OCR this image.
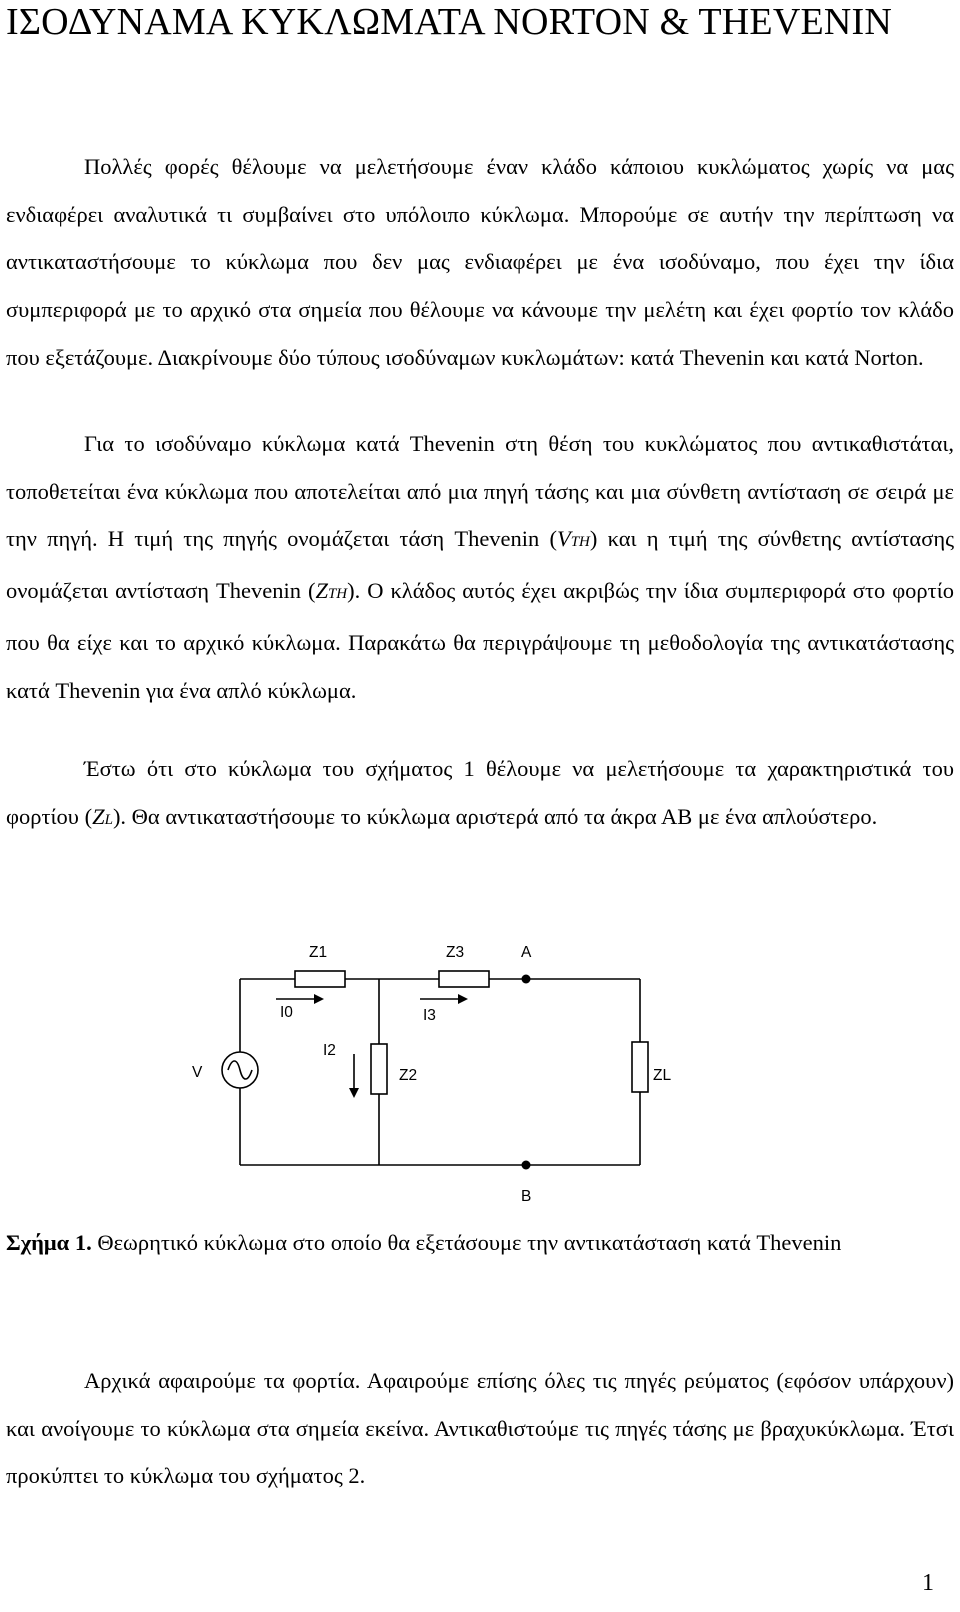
ΙΣΟΔΥΝΑΜΑ ΚΥΚΛΩΜΑΤΑ NORTON & THEVENIN

Πολλές φορές θέλουμε να μελετήσουμε έναν κλάδο κάποιου κυκλώματος χωρίς να μας ενδιαφέρει αναλυτικά τι συμβαίνει στο υπόλοιπο κύκλωμα. Μπορούμε σε αυτήν την περίπτωση να αντικαταστήσουμε το κύκλωμα που δεν μας ενδιαφέρει με ένα ισοδύναμο, που έχει την ίδια συμπεριφορά με το αρχικό στα σημεία που θέλουμε να κάνουμε την μελέτη και έχει φορτίο τον κλάδο που εξετάζουμε. Διακρίνουμε δύο τύπους ισοδύναμων κυκλωμάτων: κατά Thevenin και κατά Norton.

Για το ισοδύναμο κύκλωμα κατά Thevenin στη θέση του κυκλώματος που αντικαθιστάται, τοποθετείται ένα κύκλωμα που αποτελείται από μια πηγή τάσης και μια σύνθετη αντίσταση σε σειρά με την πηγή. Η τιμή της πηγής ονομάζεται τάση Thevenin (VTH) και η τιμή της σύνθετης αντίστασης ονομάζεται αντίσταση Thevenin (ZTH). Ο κλάδος αυτός έχει ακριβώς την ίδια συμπεριφορά στο φορτίο που θα είχε και το αρχικό κύκλωμα. Παρακάτω θα περιγράψουμε τη μεθοδολογία της αντικατάστασης κατά Thevenin για ένα απλό κύκλωμα.

Έστω ότι στο κύκλωμα του σχήματος 1 θέλουμε να μελετήσουμε τα χαρακτηριστικά του φορτίου (ZL). Θα αντικαταστήσουμε το κύκλωμα αριστερά από τα άκρα ΑΒ με ένα απλούστερο.

Z1	Z3	A
I0	I3
I2
V	Z2	ZL
B

Σχήμα 1. Θεωρητικό κύκλωμα στο οποίο θα εξετάσουμε την αντικατάσταση κατά Thevenin

Αρχικά αφαιρούμε τα φορτία. Αφαιρούμε επίσης όλες τις πηγές ρεύματος (εφόσον υπάρχουν) και ανοίγουμε το κύκλωμα στα σημεία εκείνα. Αντικαθιστούμε τις πηγές τάσης με βραχυκύκλωμα. Έτσι προκύπτει το κύκλωμα του σχήματος 2.

1
